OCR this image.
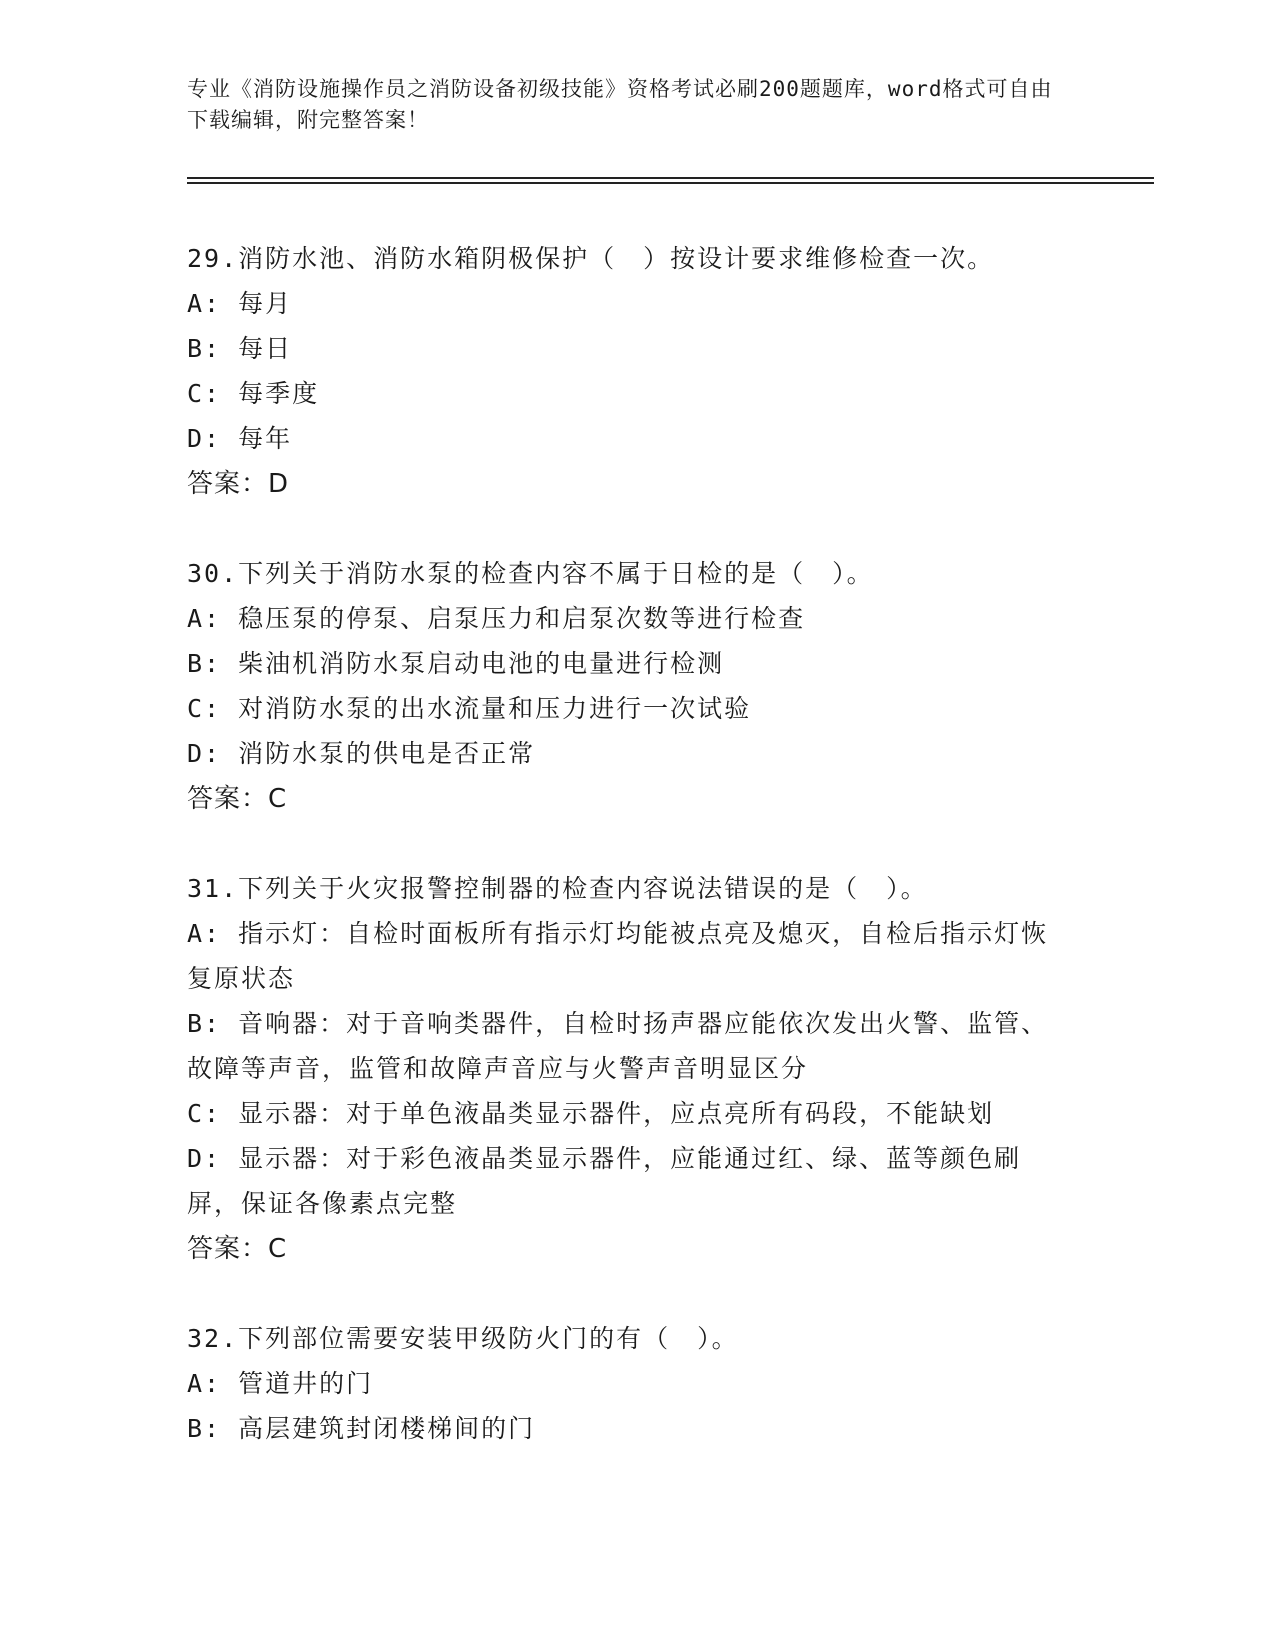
专业《消防设施操作员之消防设备初级技能》资格考试必刷200题题库，word格式可自由下载编辑，附完整答案！
29.消防水池、消防水箱阴极保护（　）按设计要求维修检查一次。
A: 每月
B: 每日
C: 每季度
D: 每年
答案：D
30.下列关于消防水泵的检查内容不属于日检的是（　）。
A: 稳压泵的停泵、启泵压力和启泵次数等进行检查
B: 柴油机消防水泵启动电池的电量进行检测
C: 对消防水泵的出水流量和压力进行一次试验
D: 消防水泵的供电是否正常
答案：C
31.下列关于火灾报警控制器的检查内容说法错误的是（　）。
A: 指示灯：自检时面板所有指示灯均能被点亮及熄灭，自检后指示灯恢复原状态
B: 音响器：对于音响类器件，自检时扬声器应能依次发出火警、监管、故障等声音，监管和故障声音应与火警声音明显区分
C: 显示器：对于单色液晶类显示器件，应点亮所有码段，不能缺划
D: 显示器：对于彩色液晶类显示器件，应能通过红、绿、蓝等颜色刷屏，保证各像素点完整
答案：C
32.下列部位需要安装甲级防火门的有（　）。
A: 管道井的门
B: 高层建筑封闭楼梯间的门
